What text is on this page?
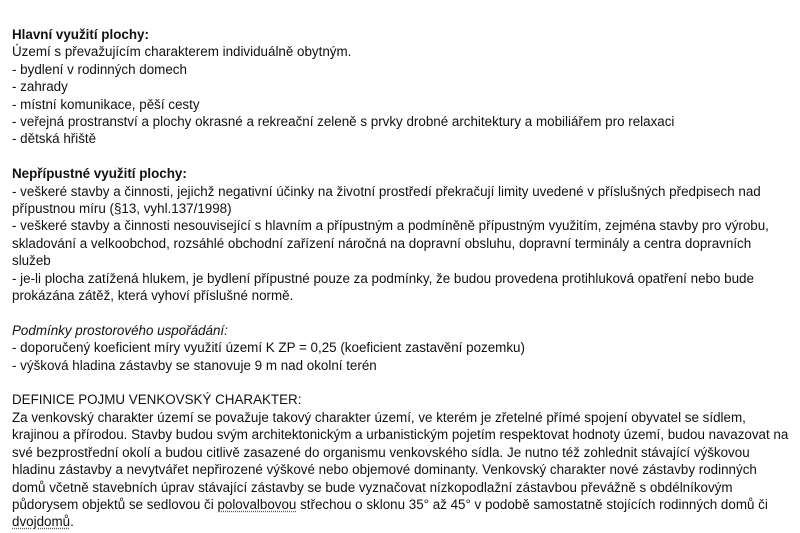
Hlavní využití plochy:
Území s převažujícím charakterem individuálně obytným.
- bydlení v rodinných domech
- zahrady
- místní komunikace, pěší cesty
- veřejná prostranství a plochy okrasné a rekreační zeleně s prvky drobné architektury a mobiliářem pro relaxaci
- dětská hřiště
Nepřípustné využití plochy:
- veškeré stavby a činnosti, jejichž negativní účinky na životní prostředí překračují limity uvedené v příslušných předpisech nad přípustnou míru (§13, vyhl.137/1998)
- veškeré stavby a činnosti nesouvisející s hlavním a přípustným a podmíněně přípustným využitím, zejména stavby pro výrobu, skladování a velkoobchod, rozsáhlé obchodní zařízení náročná na dopravní obsluhu, dopravní terminály a centra dopravních služeb
- je-li plocha zatížená hlukem, je bydlení přípustné pouze za podmínky, že budou provedena protihluková opatření nebo bude prokázána zátěž, která vyhoví příslušné normě.
Podmínky prostorového uspořádání:
- doporučený koeficient míry využití území K ZP = 0,25 (koeficient zastavění pozemku)
- výšková hladina zástavby se stanovuje 9 m nad okolní terén
DEFINICE POJMU VENKOVSKÝ CHARAKTER:
Za venkovský charakter území se považuje takový charakter území, ve kterém je zřetelné přímé spojení obyvatel se sídlem, krajinou a přírodou. Stavby budou svým architektonickým a urbanistickým pojetím respektovat hodnoty území, budou navazovat na své bezprostřední okolí a budou citlivě zasazené do organismu venkovského sídla. Je nutno též zohlednit stávající výškovou hladinu zástavby a nevytvářet nepřirozené výškové nebo objemové dominanty. Venkovský charakter nové zástavby rodinných domů včetně stavebních úprav stávající zástavby se bude vyznačovat nízkopodlažní zástavbou převážně s obdélníkovým půdorysem objektů se sedlovou či polovalbovou střechou o sklonu 35° až 45° v podobě samostatně stojících rodinných domů či dvojdomů.
